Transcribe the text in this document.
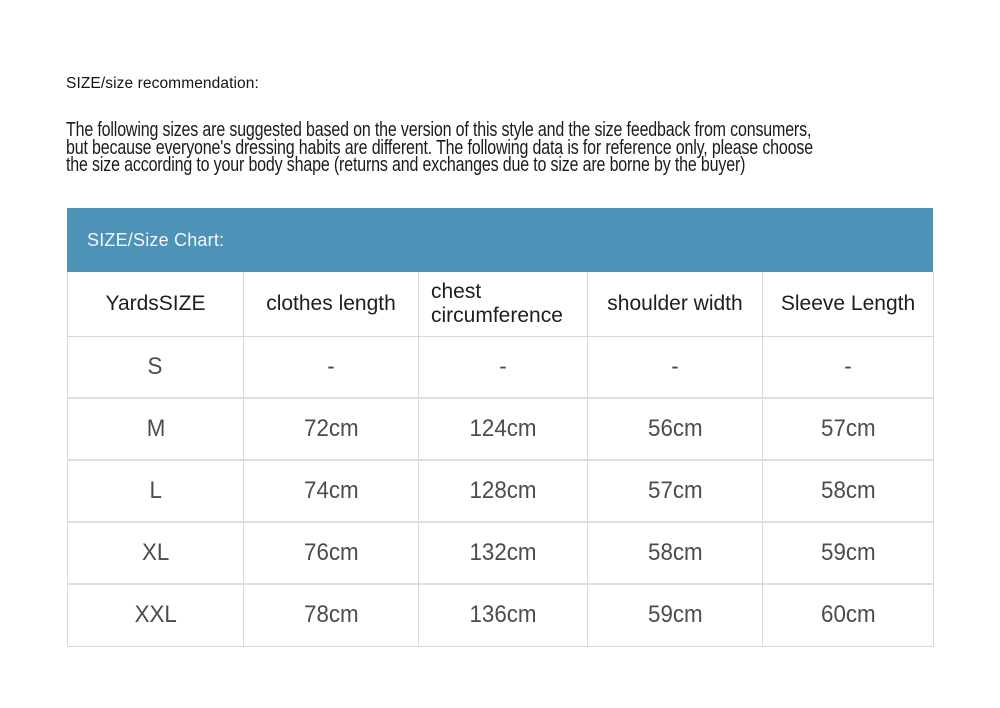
SIZE/size recommendation:
The following sizes are suggested based on the version of this style and the size feedback from consumers,
but because everyone's dressing habits are different. The following data is for reference only, please choose
the size according to your body shape (returns and exchanges due to size are borne by the buyer)
SIZE/Size Chart:
YardsSIZE	clothes length	chest circumference	shoulder width	Sleeve Length
S	-	-	-	-
M	72cm	124cm	56cm	57cm
L	74cm	128cm	57cm	58cm
XL	76cm	132cm	58cm	59cm
XXL	78cm	136cm	59cm	60cm
